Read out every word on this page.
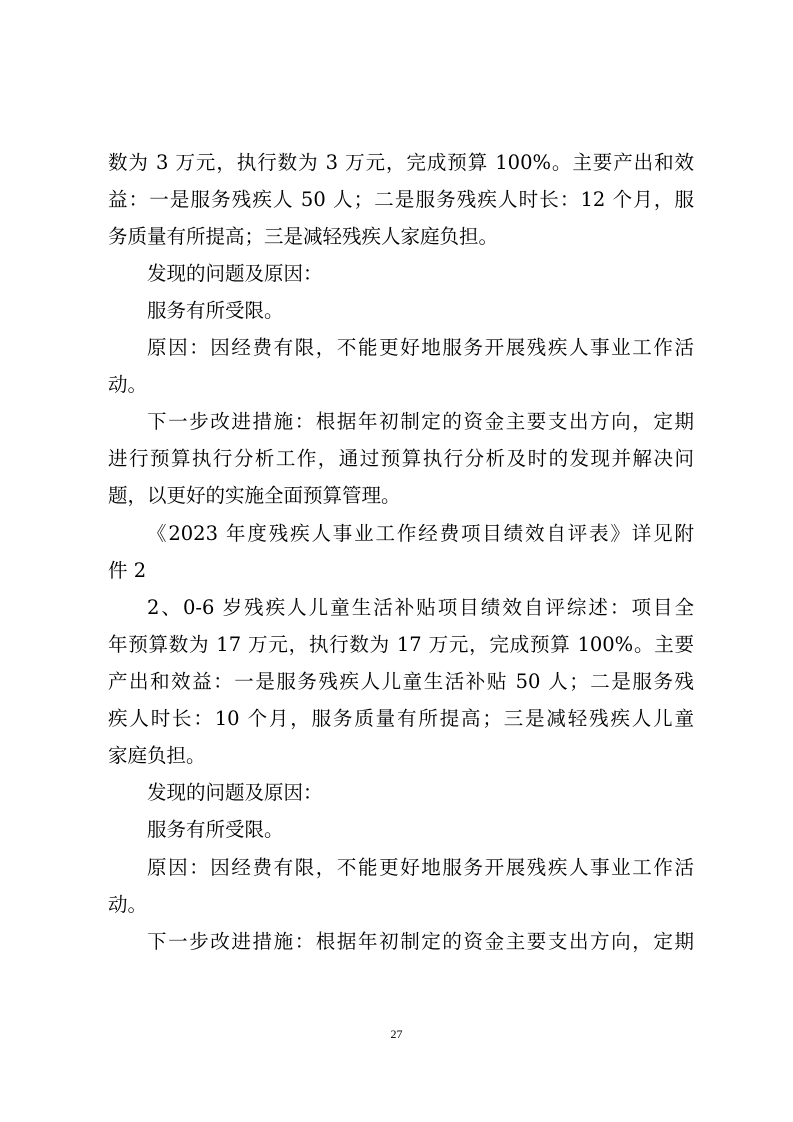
数为 3 万元，执行数为 3 万元，完成预算 100%。主要产出和效
益：一是服务残疾人 50 人；二是服务残疾人时长：12 个月，服
务质量有所提高；三是减轻残疾人家庭负担。
发现的问题及原因：
服务有所受限。
原因：因经费有限，不能更好地服务开展残疾人事业工作活
动。
下一步改进措施：根据年初制定的资金主要支出方向，定期
进行预算执行分析工作，通过预算执行分析及时的发现并解决问
题，以更好的实施全面预算管理。
《2023 年度残疾人事业工作经费项目绩效自评表》详见附
件 2
2、0-6 岁残疾人儿童生活补贴项目绩效自评综述：项目全
年预算数为 17 万元，执行数为 17 万元，完成预算 100%。主要
产出和效益：一是服务残疾人儿童生活补贴 50 人；二是服务残
疾人时长：10 个月，服务质量有所提高；三是减轻残疾人儿童
家庭负担。
发现的问题及原因：
服务有所受限。
原因：因经费有限，不能更好地服务开展残疾人事业工作活
动。
下一步改进措施：根据年初制定的资金主要支出方向，定期
27
